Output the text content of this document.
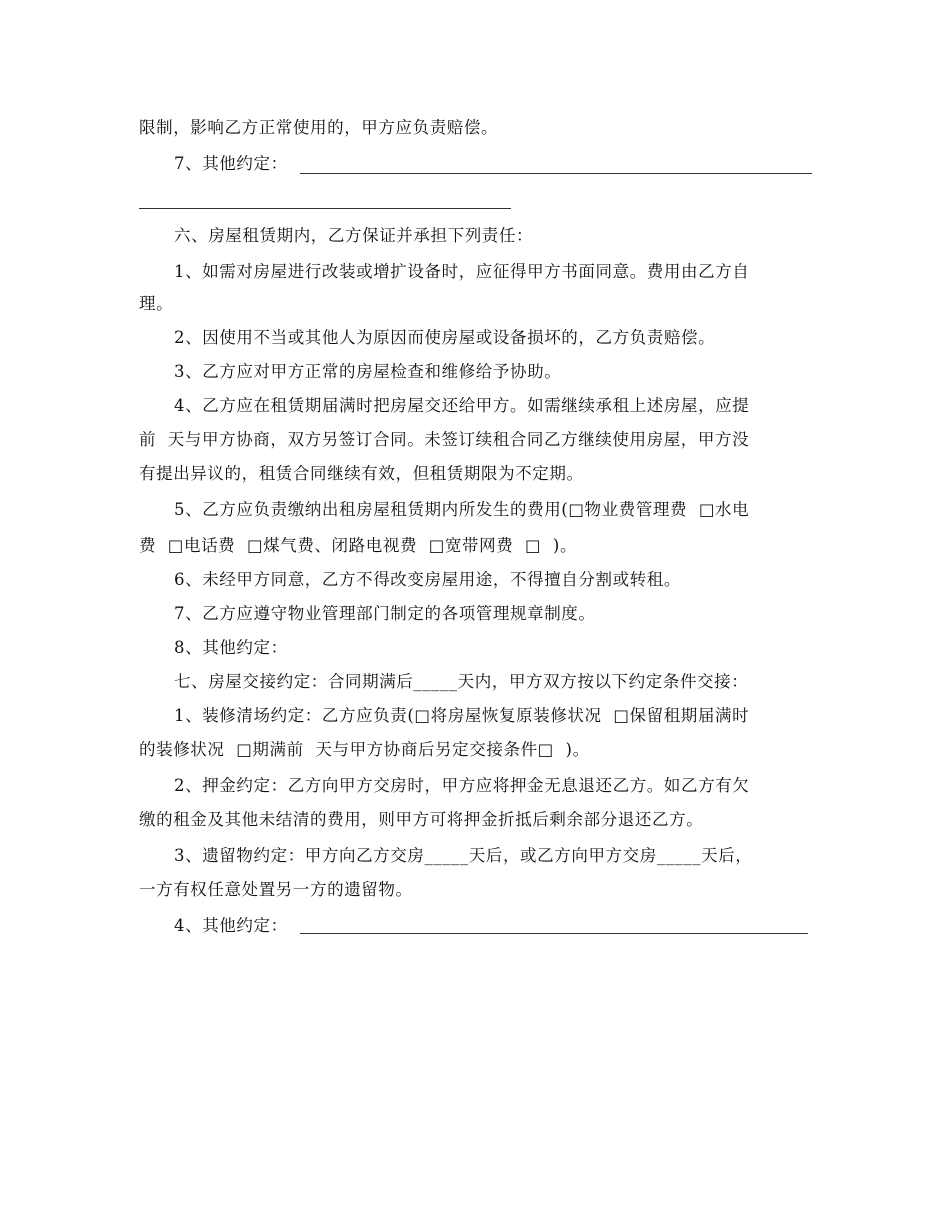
限制，影响乙方正常使用的，甲方应负责赔偿。
7、其他约定：
六、房屋租赁期内，乙方保证并承担下列责任：
1、如需对房屋进行改装或增扩设备时，应征得甲方书面同意。费用由乙方自
理。
2、因使用不当或其他人为原因而使房屋或设备损坏的，乙方负责赔偿。
3、乙方应对甲方正常的房屋检查和维修给予协助。
4、乙方应在租赁期届满时把房屋交还给甲方。如需继续承租上述房屋，应提
前  天与甲方协商，双方另签订合同。未签订续租合同乙方继续使用房屋，甲方没
有提出异议的，租赁合同继续有效，但租赁期限为不定期。
5、乙方应负责缴纳出租房屋租赁期内所发生的费用(□物业费管理费  □水电
费  □电话费  □煤气费、闭路电视费  □宽带网费  □  )。
6、未经甲方同意，乙方不得改变房屋用途，不得擅自分割或转租。
7、乙方应遵守物业管理部门制定的各项管理规章制度。
8、其他约定：
七、房屋交接约定：合同期满后_____天内，甲方双方按以下约定条件交接：
1、装修清场约定：乙方应负责(□将房屋恢复原装修状况  □保留租期届满时
的装修状况  □期满前  天与甲方协商后另定交接条件□  )。
2、押金约定：乙方向甲方交房时，甲方应将押金无息退还乙方。如乙方有欠
缴的租金及其他未结清的费用，则甲方可将押金折抵后剩余部分退还乙方。
3、遗留物约定：甲方向乙方交房_____天后，或乙方向甲方交房_____天后，
一方有权任意处置另一方的遗留物。
4、其他约定：
